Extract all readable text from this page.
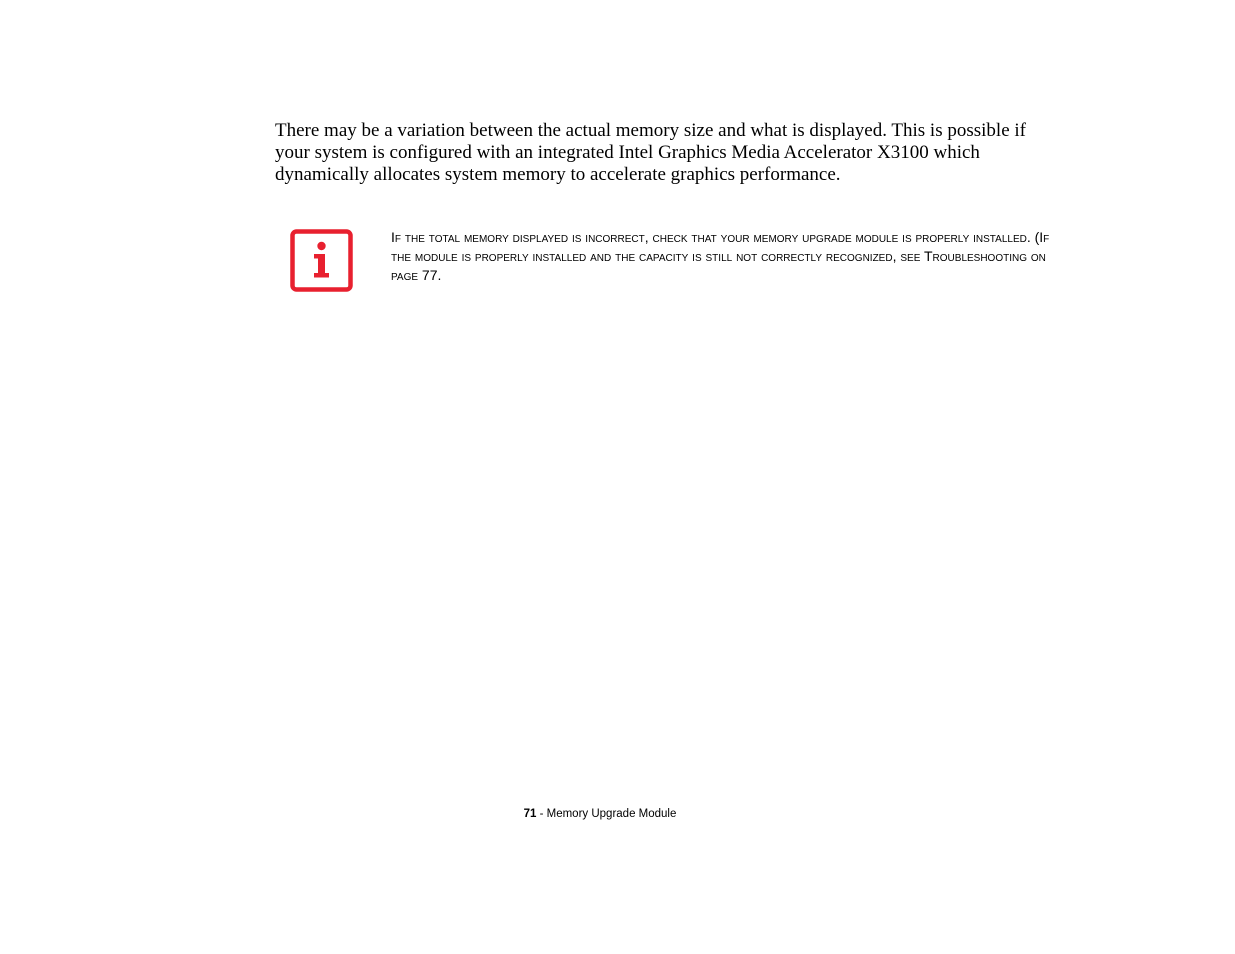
There may be a variation between the actual memory size and what is displayed. This is possible if your system is configured with an integrated Intel Graphics Media Accelerator X3100 which dynamically allocates system memory to accelerate graphics performance.

If the total memory displayed is incorrect, check that your memory upgrade module is properly installed. (If the module is properly installed and the capacity is still not correctly recognized, see Troubleshooting on page 77.

71 - Memory Upgrade Module
